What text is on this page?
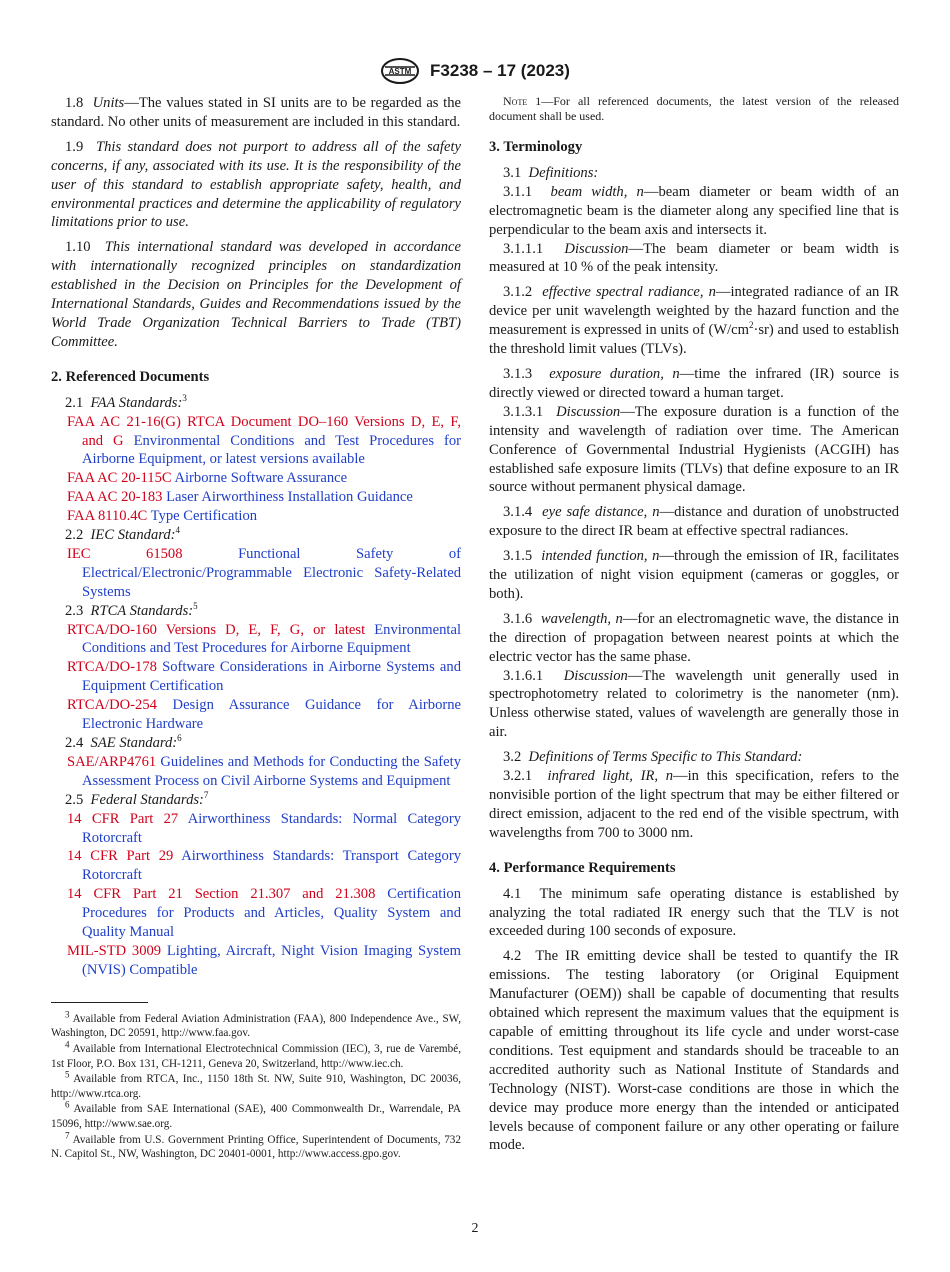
ASTM F3238 – 17 (2023)

1.8 Units—The values stated in SI units are to be regarded as the standard. No other units of measurement are included in this standard.

1.9 This standard does not purport to address all of the safety concerns, if any, associated with its use. It is the responsibility of the user of this standard to establish appropriate safety, health, and environmental practices and determine the applicability of regulatory limitations prior to use.

1.10 This international standard was developed in accordance with internationally recognized principles on standardization established in the Decision on Principles for the Development of International Standards, Guides and Recommendations issued by the World Trade Organization Technical Barriers to Trade (TBT) Committee.

2. Referenced Documents

2.1 FAA Standards:$^3$

FAA AC 21-16(G) RTCA Document DO–160 Versions D, E, F, and G Environmental Conditions and Test Procedures for Airborne Equipment, or latest versions available
FAA AC 20-115C Airborne Software Assurance
FAA AC 20-183 Laser Airworthiness Installation Guidance
FAA 8110.4C Type Certification

2.2 IEC Standard:$^4$

IEC 61508	Functional Safety of Electrical/Electronic/Programmable Electronic Safety-Related Systems

2.3 RTCA Standards:$^5$

RTCA/DO-160 Versions D, E, F, G, or latest Environmental Conditions and Test Procedures for Airborne Equipment
RTCA/DO-178 Software Considerations in Airborne Systems and Equipment Certification
RTCA/DO-254 Design Assurance Guidance for Airborne Electronic Hardware

2.4 SAE Standard:$^6$

SAE/ARP4761 Guidelines and Methods for Conducting the Safety Assessment Process on Civil Airborne Systems and Equipment

2.5 Federal Standards:$^7$

14 CFR Part 27 Airworthiness Standards: Normal Category Rotorcraft
14 CFR Part 29 Airworthiness Standards: Transport Category Rotorcraft
14 CFR Part 21 Section 21.307 and 21.308 Certification Procedures for Products and Articles, Quality System and Quality Manual
MIL-STD 3009 Lighting, Aircraft, Night Vision Imaging System (NVIS) Compatible

$^3$ Available from Federal Aviation Administration (FAA), 800 Independence Ave., SW, Washington, DC 20591, http://www.faa.gov.

$^4$ Available from International Electrotechnical Commission (IEC), 3, rue de Varembé, 1st Floor, P.O. Box 131, CH-1211, Geneva 20, Switzerland, http://www.iec.ch.

$^5$ Available from RTCA, Inc., 1150 18th St. NW, Suite 910, Washington, DC 20036, http://www.rtca.org.

$^6$ Available from SAE International (SAE), 400 Commonwealth Dr., Warrendale, PA 15096, http://www.sae.org.

$^7$ Available from U.S. Government Printing Office, Superintendent of Documents, 732 N. Capitol St., NW, Washington, DC 20401-0001, http://www.access.gpo.gov.

Note 1—For all referenced documents, the latest version of the released document shall be used.

3. Terminology

3.1 Definitions:

3.1.1 beam width, n—beam diameter or beam width of an electromagnetic beam is the diameter along any specified line that is perpendicular to the beam axis and intersects it.

3.1.1.1 Discussion—The beam diameter or beam width is measured at 10 % of the peak intensity.

3.1.2 effective spectral radiance, n—integrated radiance of an IR device per unit wavelength weighted by the hazard function and the measurement is expressed in units of $(W/cm^2\cdot sr)$ and used to establish the threshold limit values (TLVs).

3.1.3 exposure duration, n—time the infrared (IR) source is directly viewed or directed toward a human target.

3.1.3.1 Discussion—The exposure duration is a function of the intensity and wavelength of radiation over time. The American Conference of Governmental Industrial Hygienists (ACGIH) has established safe exposure limits (TLVs) that define exposure to an IR source without permanent physical damage.

3.1.4 eye safe distance, n—distance and duration of unobstructed exposure to the direct IR beam at effective spectral radiances.

3.1.5 intended function, n—through the emission of IR, facilitates the utilization of night vision equipment (cameras or goggles, or both).

3.1.6 wavelength, n—for an electromagnetic wave, the distance in the direction of propagation between nearest points at which the electric vector has the same phase.

3.1.6.1 Discussion—The wavelength unit generally used in spectrophotometry related to colorimetry is the nanometer (nm). Unless otherwise stated, values of wavelength are generally those in air.

3.2 Definitions of Terms Specific to This Standard:

3.2.1 infrared light, IR, n—in this specification, refers to the nonvisible portion of the light spectrum that may be either filtered or direct emission, adjacent to the red end of the visible spectrum, with wavelengths from 700 to 3000 nm.

4. Performance Requirements

4.1 The minimum safe operating distance is established by analyzing the total radiated IR energy such that the TLV is not exceeded during 100 seconds of exposure.

4.2 The IR emitting device shall be tested to quantify the IR emissions. The testing laboratory (or Original Equipment Manufacturer (OEM)) shall be capable of documenting that results obtained which represent the maximum values that the equipment is capable of emitting throughout its life cycle and under worst-case conditions. Test equipment and standards should be traceable to an accredited authority such as National Institute of Standards and Technology (NIST). Worst-case conditions are those in which the device may produce more energy than the intended or anticipated levels because of component failure or any other operating or failure mode.

2
